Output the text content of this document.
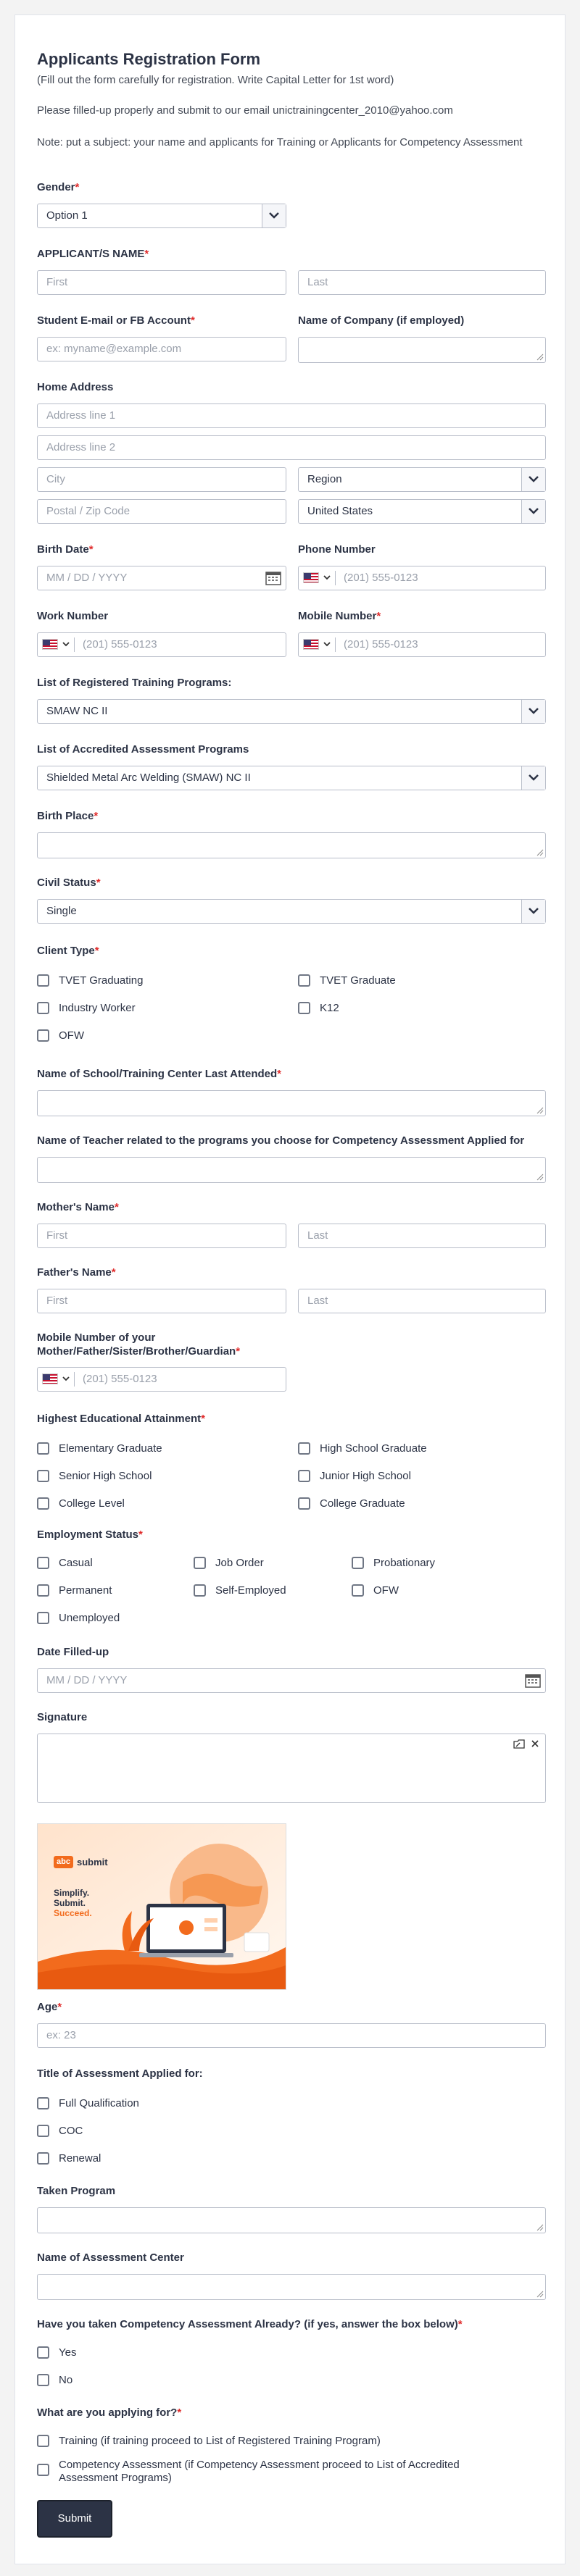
Applicants Registration Form
(Fill out the form carefully for registration. Write Capital Letter for 1st word)
Please filled-up properly and submit to our email unictrainingcenter_2010@yahoo.com
Note: put a subject: your name and applicants for Training or Applicants for Competency Assessment
Gender*
Option 1
APPLICANT/S NAME*
First	Last
Student E-mail or FB Account*	Name of Company (if employed)
ex: myname@example.com
Home Address
Address line 1
Address line 2
City	Region
Postal / Zip Code	United States
Birth Date*	Phone Number
MM / DD / YYYY	(201) 555-0123
Work Number	Mobile Number*
(201) 555-0123	(201) 555-0123
List of Registered Training Programs:
SMAW NC II
List of Accredited Assessment Programs
Shielded Metal Arc Welding (SMAW) NC II
Birth Place*
Civil Status*
Single
Client Type*
TVET Graduating	TVET Graduate
Industry Worker	K12
OFW
Name of School/Training Center Last Attended*
Name of Teacher related to the programs you choose for Competency Assessment Applied for
Mother's Name*
First	Last
Father's Name*
First	Last
Mobile Number of your
Mother/Father/Sister/Brother/Guardian*
(201) 555-0123
Highest Educational Attainment*
Elementary Graduate	High School Graduate
Senior High School	Junior High School
College Level	College Graduate
Employment Status*
Casual	Job Order	Probationary
Permanent	Self-Employed	OFW
Unemployed
Date Filled-up
MM / DD / YYYY
Signature
abc submit
Simplify.
Submit.
Succeed.
Age*
ex: 23
Title of Assessment Applied for:
Full Qualification
COC
Renewal
Taken Program
Name of Assessment Center
Have you taken Competency Assessment Already? (if yes, answer the box below)*
Yes
No
What are you applying for?*
Training (if training proceed to List of Registered Training Program)
Competency Assessment (if Competency Assessment proceed to List of Accredited
Assessment Programs)
Submit
